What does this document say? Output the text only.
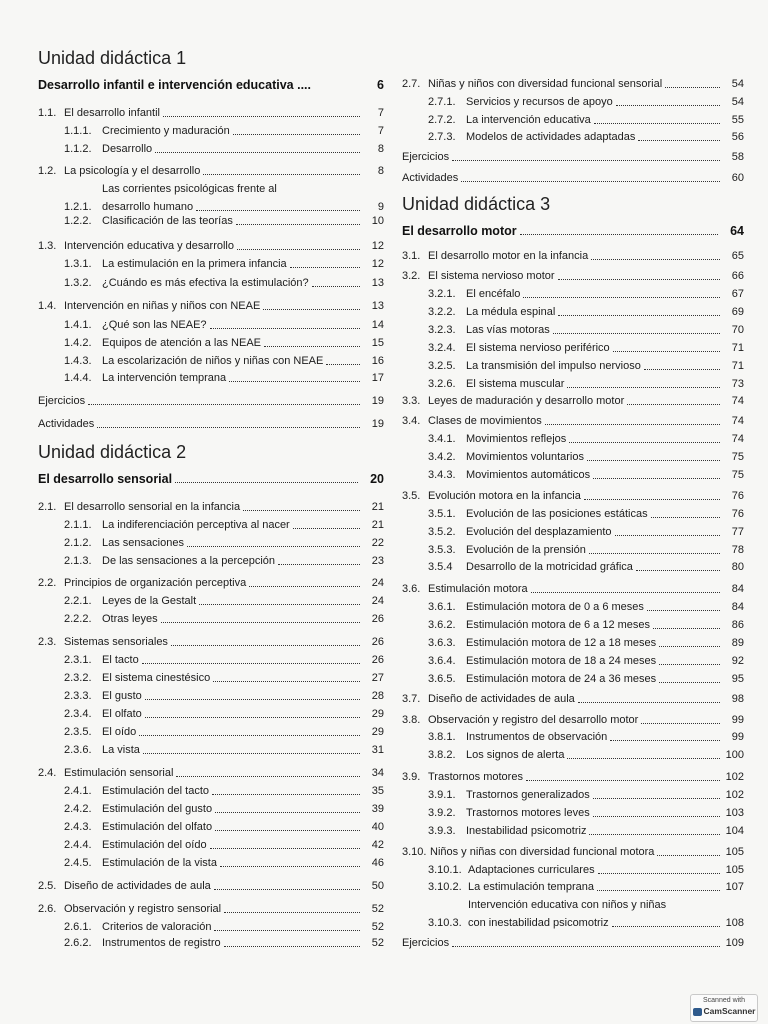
Unidad didáctica 1
Desarrollo infantil e intervención educativa ....	6
1.1. El desarrollo infantil	7
1.1.1. Crecimiento y maduración	7
1.1.2. Desarrollo	8
1.2. La psicología y el desarrollo	8
1.2.1.
Las corrientes psicológicas frente al
desarrollo humano	9
1.2.2. Clasificación de las teorías	10
1.3. Intervención educativa y desarrollo	12
1.3.1. La estimulación en la primera infancia	12
1.3.2. ¿Cuándo es más efectiva la estimulación?	13
1.4. Intervención en niñas y niños con NEAE	13
1.4.1. ¿Qué son las NEAE?	14
1.4.2. Equipos de atención a las NEAE	15
1.4.3. La escolarización de niños y niñas con NEAE	16
1.4.4. La intervención temprana	17
Ejercicios	19
Actividades	19
Unidad didáctica 2
El desarrollo sensorial	20
2.1. El desarrollo sensorial en la infancia	21
2.1.1. La indiferenciación perceptiva al nacer	21
2.1.2. Las sensaciones	22
2.1.3. De las sensaciones a la percepción	23
2.2. Principios de organización perceptiva	24
2.2.1. Leyes de la Gestalt	24
2.2.2. Otras leyes	26
2.3. Sistemas sensoriales	26
2.3.1. El tacto	26
2.3.2. El sistema cinestésico	27
2.3.3. El gusto	28
2.3.4. El olfato	29
2.3.5. El oído	29
2.3.6. La vista	31
2.4. Estimulación sensorial	34
2.4.1. Estimulación del tacto	35
2.4.2. Estimulación del gusto	39
2.4.3. Estimulación del olfato	40
2.4.4. Estimulación del oído	42
2.4.5. Estimulación de la vista	46
2.5. Diseño de actividades de aula	50
2.6. Observación y registro sensorial	52
2.6.1. Criterios de valoración	52
2.6.2. Instrumentos de registro	52
2.7. Niñas y niños con diversidad funcional sensorial	54
2.7.1. Servicios y recursos de apoyo	54
2.7.2. La intervención educativa	55
2.7.3. Modelos de actividades adaptadas	56
Ejercicios	58
Actividades	60
Unidad didáctica 3
El desarrollo motor	64
3.1. El desarrollo motor en la infancia	65
3.2. El sistema nervioso motor	66
3.2.1. El encéfalo	67
3.2.2. La médula espinal	69
3.2.3. Las vías motoras	70
3.2.4. El sistema nervioso periférico	71
3.2.5. La transmisión del impulso nervioso	71
3.2.6. El sistema muscular	73
3.3. Leyes de maduración y desarrollo motor	74
3.4. Clases de movimientos	74
3.4.1. Movimientos reflejos	74
3.4.2. Movimientos voluntarios	75
3.4.3. Movimientos automáticos	75
3.5. Evolución motora en la infancia	76
3.5.1. Evolución de las posiciones estáticas	76
3.5.2. Evolución del desplazamiento	77
3.5.3. Evolución de la prensión	78
3.5.4	Desarrollo de la motricidad gráfica	80
3.6. Estimulación motora	84
3.6.1. Estimulación motora de 0 a 6 meses	84
3.6.2. Estimulación motora de 6 a 12 meses	86
3.6.3. Estimulación motora de 12 a 18 meses	89
3.6.4. Estimulación motora de 18 a 24 meses	92
3.6.5. Estimulación motora de 24 a 36 meses	95
3.7. Diseño de actividades de aula	98
3.8. Observación y registro del desarrollo motor	99
3.8.1. Instrumentos de observación	99
3.8.2. Los signos de alerta	100
3.9. Trastornos motores	102
3.9.1. Trastornos generalizados	102
3.9.2. Trastornos motores leves	103
3.9.3. Inestabilidad psicomotriz	104
3.10. Niños y niñas con diversidad funcional motora	105
3.10.1. Adaptaciones curriculares	105
3.10.2. La estimulación temprana	107
3.10.3.
Intervención educativa con niños y niñas
con inestabilidad psicomotriz	108
Ejercicios	109
Scanned with
CamScanner
